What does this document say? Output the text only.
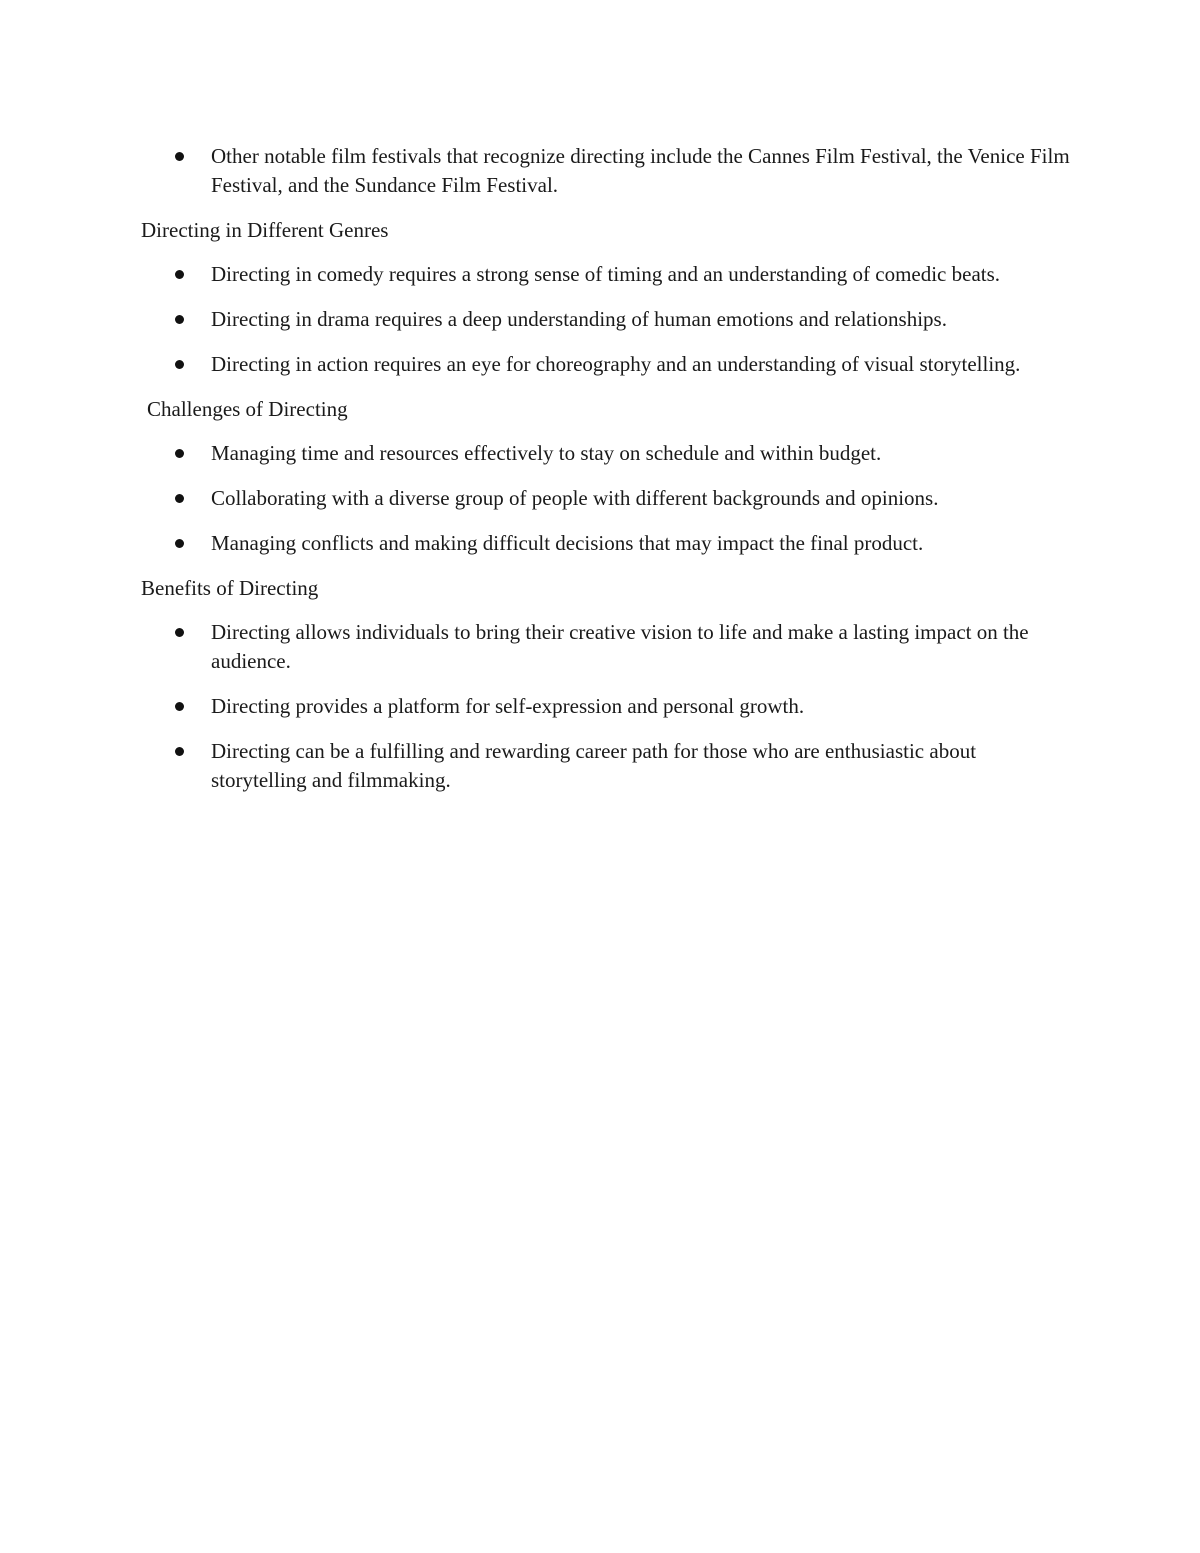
Other notable film festivals that recognize directing include the Cannes Film Festival, the Venice Film Festival, and the Sundance Film Festival.
Directing in Different Genres
Directing in comedy requires a strong sense of timing and an understanding of comedic beats.
Directing in drama requires a deep understanding of human emotions and relationships.
Directing in action requires an eye for choreography and an understanding of visual storytelling.
Challenges of Directing
Managing time and resources effectively to stay on schedule and within budget.
Collaborating with a diverse group of people with different backgrounds and opinions.
Managing conflicts and making difficult decisions that may impact the final product.
Benefits of Directing
Directing allows individuals to bring their creative vision to life and make a lasting impact on the audience.
Directing provides a platform for self-expression and personal growth.
Directing can be a fulfilling and rewarding career path for those who are enthusiastic about storytelling and filmmaking.
